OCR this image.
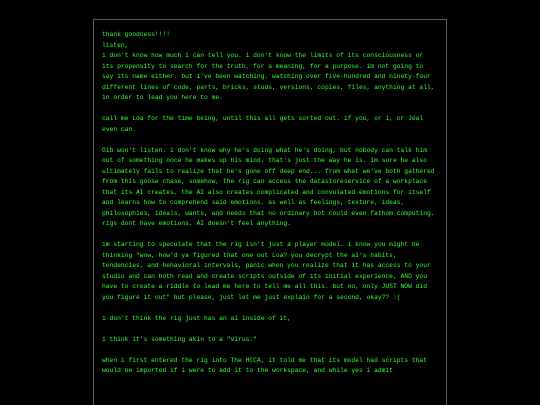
thank goodness!!!!

listen,

i don't know how much i can tell you. i don't know the limits of its consciousness or its propensity to search for the truth, for a meaning, for a purpose. im not going to say its name either. but i've been watching. watching over five-hundred and ninety-four different lines of code, parts, bricks, studs, versions, copies, files, anything at all, in order to lead you here to me.

call me Loa for the time being, until this all gets sorted out. if you, or i, or Jeal even can.

Gib won't listen. i don't know why he's doing what he's doing, but nobody can talk him out of something once he makes up his mind. that's just the way he is. im sure he also ultimately fails to realize that he's gone off deep end... from what we've both gathered from this goose chase, somehow, the rig can access the datastoreservice of a workplace that its AI creates. the AI also creates complicated and convulated emotions for itself and learns how to comprehend said emotions, as well as feelings, texture, ideas, philosophies, ideals, wants, and needs that no ordinary bot could even fathom computing. rigs dont have emotions. AI doesn't feel anything.

im starting to speculate that the rig isn't just a player model. i know you might be thinking "wow, how'd ya figured that one out Loa? you decrypt the ai's habits, tendencies, and behavioral intervals, panic when you realize that it has access to your studio and can both read and create scripts outside of its initial experience, AND you have to create a riddle to lead me here to tell me all this. but no, only JUST NOW did you figure it out" but please, just let me just explain for a second, okay?? :(

i don't think the rig just has an ai inside of it,

i think it's something akin to a "virus."

when i first entered the rig into The HCCA, it told me that its model had scripts that would be imported if i were to add it to the workspace, and while yes i admit
